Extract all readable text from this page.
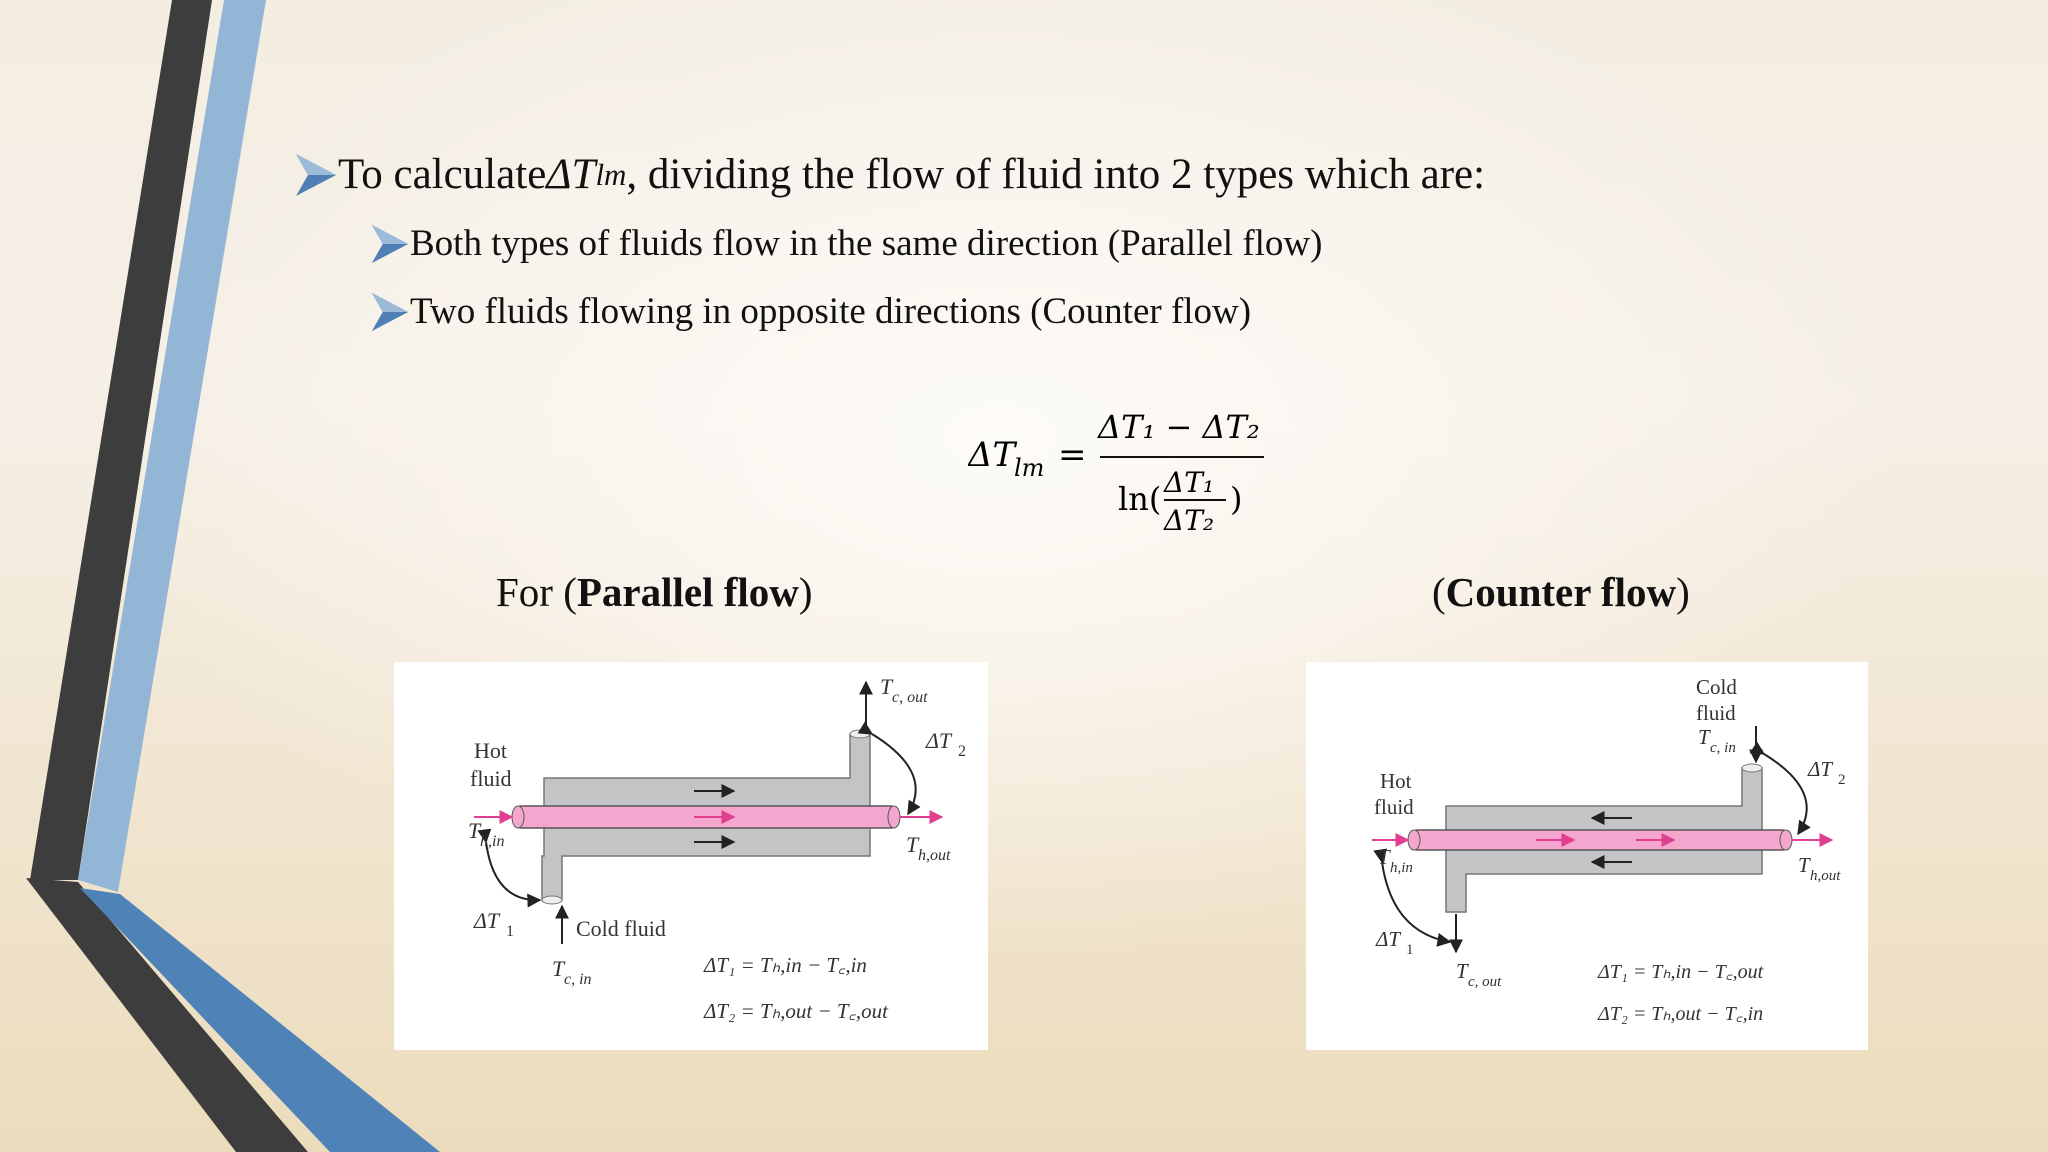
To calculate ΔT lm , dividing the flow of fluid into 2 types which are:
Both types of fluids flow in the same direction (Parallel flow)
Two fluids flowing in opposite directions (Counter flow)
ΔT
lm =
ΔT₁ − ΔT₂
ln( ΔT₁
ΔT₂
)
For (Parallel flow)	(Counter flow)
Hot
fluid
T c, out
ΔT 2
T h,in	T h,out
ΔT 1	Cold fluid
T c, in
ΔT₁ = Tₕ,in − T꜀,in
ΔT₂ = Tₕ,out − T꜀,out
Cold
fluid
T c, in
ΔT 2
Hot
fluid
T h,in	T h,out
ΔT 1
T c, out	ΔT₁ = Tₕ,in − T꜀,out
ΔT₂ = Tₕ,out − T꜀,in
